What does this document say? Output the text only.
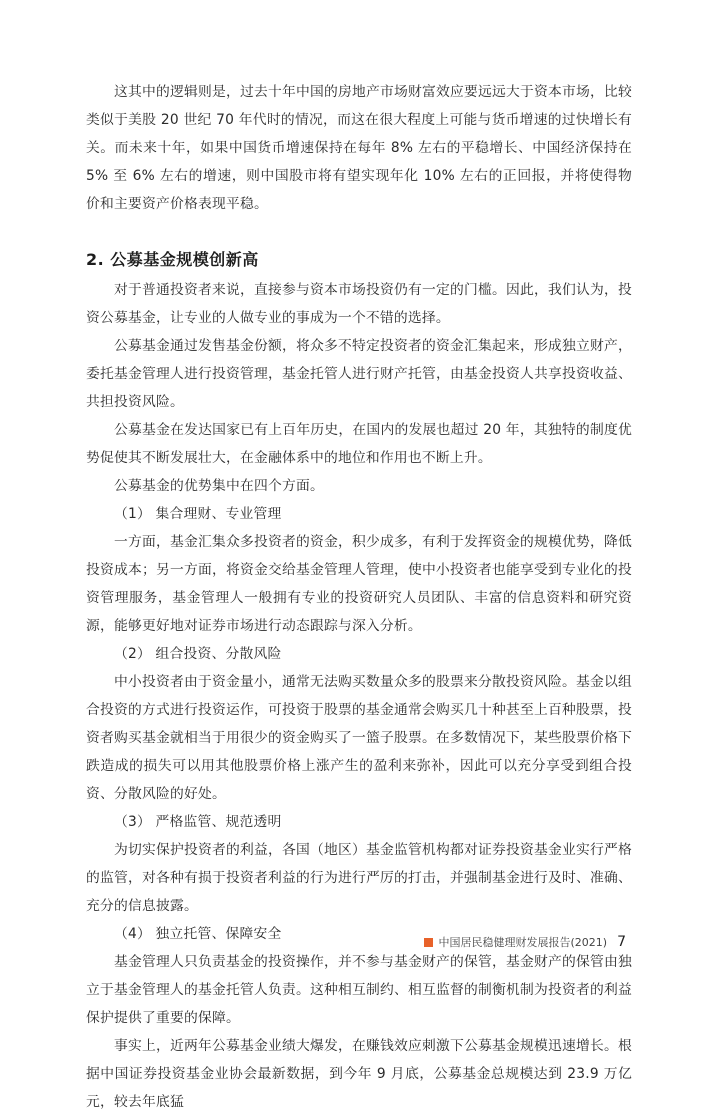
这其中的逻辑则是，过去十年中国的房地产市场财富效应要远远大于资本市场，比较类似于美股 20 世纪 70 年代时的情况，而这在很大程度上可能与货币增速的过快增长有关。而未来十年，如果中国货币增速保持在每年 8% 左右的平稳增长、中国经济保持在 5% 至 6% 左右的增速，则中国股市将有望实现年化 10% 左右的正回报，并将使得物价和主要资产价格表现平稳。

2. 公募基金规模创新高

对于普通投资者来说，直接参与资本市场投资仍有一定的门槛。因此，我们认为，投资公募基金，让专业的人做专业的事成为一个不错的选择。

公募基金通过发售基金份额，将众多不特定投资者的资金汇集起来，形成独立财产，委托基金管理人进行投资管理，基金托管人进行财产托管，由基金投资人共享投资收益、共担投资风险。

公募基金在发达国家已有上百年历史，在国内的发展也超过 20 年，其独特的制度优势促使其不断发展壮大，在金融体系中的地位和作用也不断上升。

公募基金的优势集中在四个方面。

（1） 集合理财、专业管理

一方面，基金汇集众多投资者的资金，积少成多，有利于发挥资金的规模优势，降低投资成本；另一方面，将资金交给基金管理人管理，使中小投资者也能享受到专业化的投资管理服务，基金管理人一般拥有专业的投资研究人员团队、丰富的信息资料和研究资源，能够更好地对证券市场进行动态跟踪与深入分析。

（2） 组合投资、分散风险

中小投资者由于资金量小，通常无法购买数量众多的股票来分散投资风险。基金以组合投资的方式进行投资运作，可投资于股票的基金通常会购买几十种甚至上百种股票，投资者购买基金就相当于用很少的资金购买了一篮子股票。在多数情况下，某些股票价格下跌造成的损失可以用其他股票价格上涨产生的盈利来弥补，因此可以充分享受到组合投资、分散风险的好处。

（3） 严格监管、规范透明

为切实保护投资者的利益，各国（地区）基金监管机构都对证券投资基金业实行严格的监管，对各种有损于投资者利益的行为进行严厉的打击，并强制基金进行及时、准确、充分的信息披露。

（4） 独立托管、保障安全

基金管理人只负责基金的投资操作，并不参与基金财产的保管，基金财产的保管由独立于基金管理人的基金托管人负责。这种相互制约、相互监督的制衡机制为投资者的利益保护提供了重要的保障。

事实上，近两年公募基金业绩大爆发，在赚钱效应刺激下公募基金规模迅速增长。根据中国证券投资基金业协会最新数据，到今年 9 月底，公募基金总规模达到 23.9 万亿元，较去年底猛

中国居民稳健理财发展报告(2021) 7
